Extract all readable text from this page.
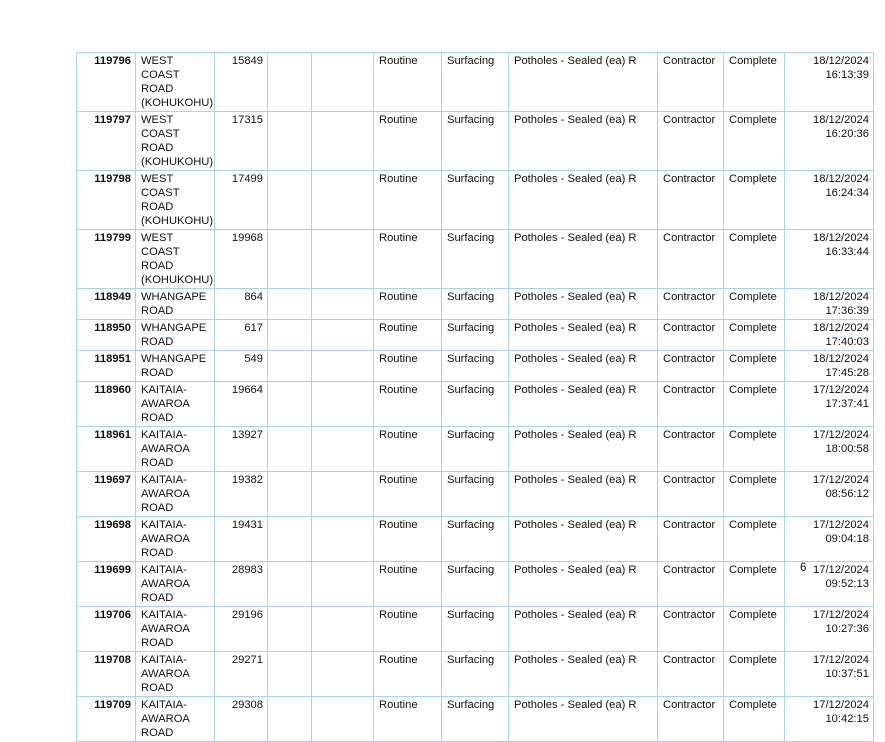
119796	WEST COAST
ROAD
(KOHUKOHU)	15849			Routine	Surfacing	Potholes - Sealed (ea) R	Contractor	Complete	18/12/2024
16:13:39
119797	WEST COAST
ROAD
(KOHUKOHU)	17315			Routine	Surfacing	Potholes - Sealed (ea) R	Contractor	Complete	18/12/2024
16:20:36
119798	WEST COAST
ROAD
(KOHUKOHU)	17499			Routine	Surfacing	Potholes - Sealed (ea) R	Contractor	Complete	18/12/2024
16:24:34
119799	WEST COAST
ROAD
(KOHUKOHU)	19968			Routine	Surfacing	Potholes - Sealed (ea) R	Contractor	Complete	18/12/2024
16:33:44
118949	WHANGAPE
ROAD	864			Routine	Surfacing	Potholes - Sealed (ea) R	Contractor	Complete	18/12/2024
17:36:39
118950	WHANGAPE
ROAD	617			Routine	Surfacing	Potholes - Sealed (ea) R	Contractor	Complete	18/12/2024
17:40:03
118951	WHANGAPE
ROAD	549			Routine	Surfacing	Potholes - Sealed (ea) R	Contractor	Complete	18/12/2024
17:45:28
118960	KAITAIA-
AWAROA ROAD	19664			Routine	Surfacing	Potholes - Sealed (ea) R	Contractor	Complete	17/12/2024
17:37:41
118961	KAITAIA-
AWAROA ROAD	13927			Routine	Surfacing	Potholes - Sealed (ea) R	Contractor	Complete	17/12/2024
18:00:58
119697	KAITAIA-
AWAROA ROAD	19382			Routine	Surfacing	Potholes - Sealed (ea) R	Contractor	Complete	17/12/2024
08:56:12
119698	KAITAIA-
AWAROA ROAD	19431			Routine	Surfacing	Potholes - Sealed (ea) R	Contractor	Complete	17/12/2024
09:04:18
119699	KAITAIA-
AWAROA ROAD	28983			Routine	Surfacing	Potholes - Sealed (ea) R	Contractor	Complete	17/12/2024
09:52:13
119706	KAITAIA-
AWAROA ROAD	29196			Routine	Surfacing	Potholes - Sealed (ea) R	Contractor	Complete	17/12/2024
10:27:36
119708	KAITAIA-
AWAROA ROAD	29271			Routine	Surfacing	Potholes - Sealed (ea) R	Contractor	Complete	17/12/2024
10:37:51
119709	KAITAIA-
AWAROA ROAD	29308			Routine	Surfacing	Potholes - Sealed (ea) R	Contractor	Complete	17/12/2024
10:42:15
6
